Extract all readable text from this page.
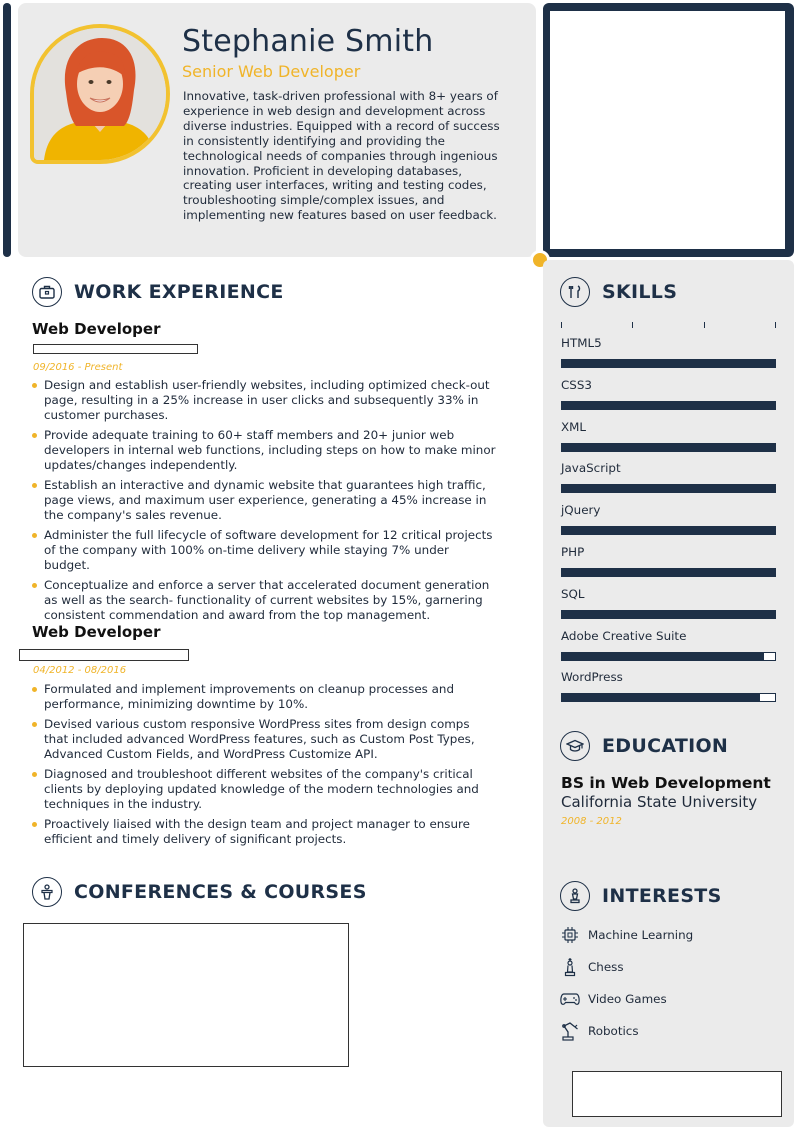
Stephanie Smith
Senior Web Developer
Innovative, task-driven professional with 8+ years of experience in web design and development across diverse industries. Equipped with a record of success in consistently identifying and providing the technological needs of companies through ingenious innovation. Proficient in developing databases, creating user interfaces, writing and testing codes, troubleshooting simple/complex issues, and implementing new features based on user feedback.
WORK EXPERIENCE
Web Developer
09/2016 - Present
Design and establish user-friendly websites, including optimized check-out page, resulting in a 25% increase in user clicks and subsequently 33% in customer purchases.
Provide adequate training to 60+ staff members and 20+ junior web developers in internal web functions, including steps on how to make minor updates/changes independently.
Establish an interactive and dynamic website that guarantees high traffic, page views, and maximum user experience, generating a 45% increase in the company's sales revenue.
Administer the full lifecycle of software development for 12 critical projects of the company with 100% on-time delivery while staying 7% under budget.
Conceptualize and enforce a server that accelerated document generation as well as the search- functionality of current websites by 15%, garnering consistent commendation and award from the top management.
Web Developer
04/2012 - 08/2016
Formulated and implement improvements on cleanup processes and performance, minimizing downtime by 10%.
Devised various custom responsive WordPress sites from design comps that included advanced WordPress features, such as Custom Post Types, Advanced Custom Fields, and WordPress Customize API.
Diagnosed and troubleshoot different websites of the company's critical clients by deploying updated knowledge of the modern technologies and techniques in the industry.
Proactively liaised with the design team and project manager to ensure efficient and timely delivery of significant projects.
CONFERENCES & COURSES
SKILLS
HTML5
CSS3
XML
JavaScript
jQuery
PHP
SQL
Adobe Creative Suite
WordPress
EDUCATION
BS in Web Development
California State University
2008 - 2012
INTERESTS
Machine Learning
Chess
Video Games
Robotics
